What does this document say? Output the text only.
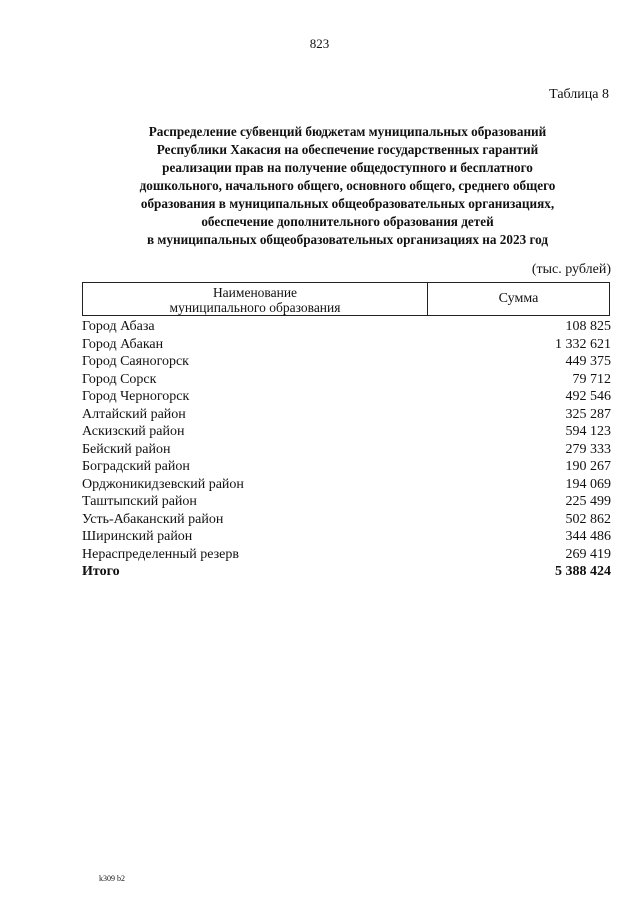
823
Таблица 8
Распределение субвенций бюджетам муниципальных образований
Республики Хакасия на обеспечение государственных гарантий
реализации прав на получение общедоступного и бесплатного
дошкольного, начального общего, основного общего, среднего общего
образования в муниципальных общеобразовательных организациях,
обеспечение дополнительного образования детей
в муниципальных общеобразовательных организациях на 2023 год
(тыс. рублей)
Наименование
муниципального образования
Сумма
Город Абаза	108 825
Город Абакан	1 332 621
Город Саяногорск	449 375
Город Сорск	79 712
Город Черногорск	492 546
Алтайский район	325 287
Аскизский район	594 123
Бейский район	279 333
Боградский район	190 267
Орджоникидзевский район	194 069
Таштыпский район	225 499
Усть-Абаканский район	502 862
Ширинский район	344 486
Нераспределенный резерв	269 419
Итого	5 388 424
k309 b2
